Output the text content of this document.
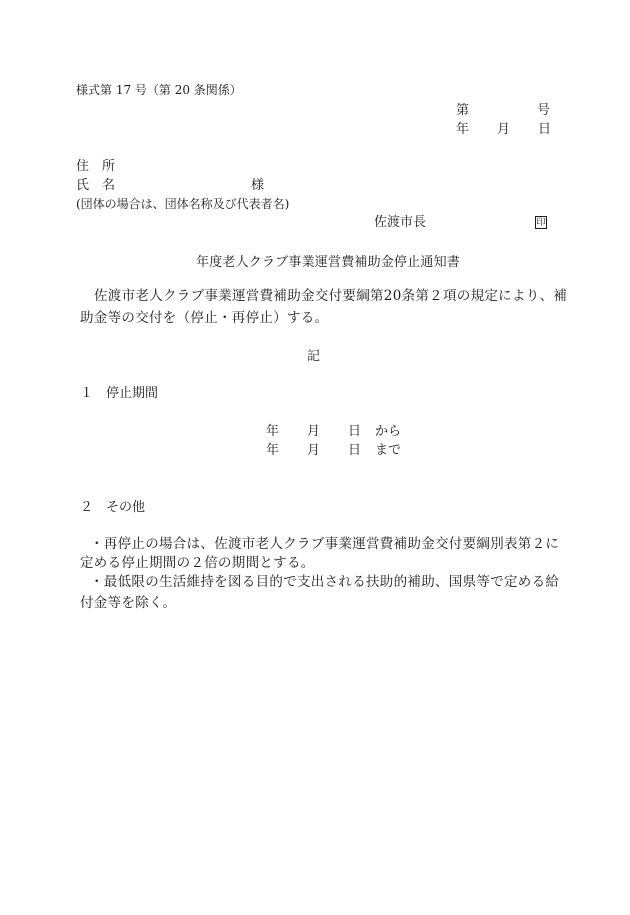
様式第 17 号（第 20 条関係）
第	号
年 月 日
住　所
氏　名	様
(団体の場合は、団体名称及び代表者名)
佐渡市長	印
年度老人クラブ事業運営費補助金停止通知書
佐渡市老人クラブ事業運営費補助金交付要綱第20条第２項の規定により、補
助金等の交付を（停止・再停止）する。
記
１　停止期間
年 月 日 から
年 月 日 まで
２　その他
・再停止の場合は、佐渡市老人クラブ事業運営費補助金交付要綱別表第２に
定める停止期間の２倍の期間とする。
・最低限の生活維持を図る目的で支出される扶助的補助、国県等で定める給
付金等を除く。
